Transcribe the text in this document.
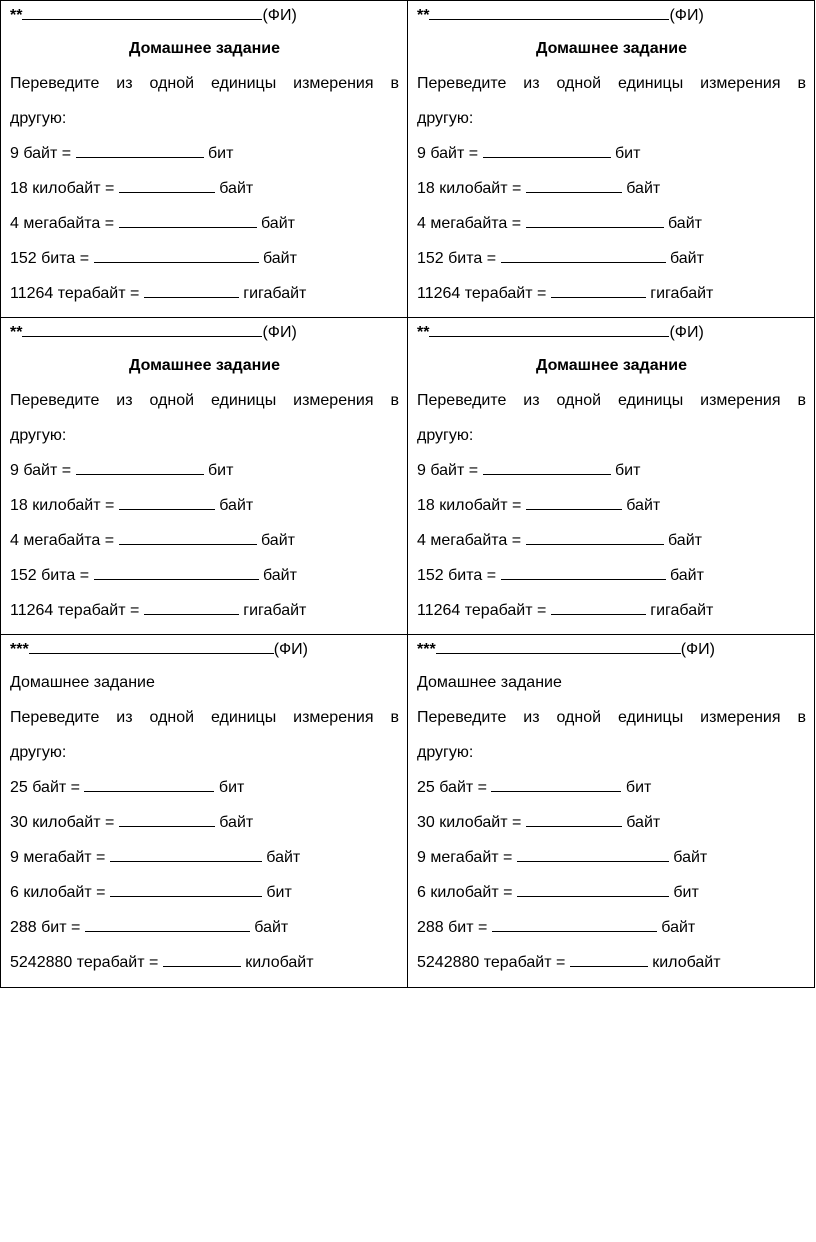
**	(ФИ)
Домашнее задание
Переведите из одной единицы измерения в
другую:
9 байт =	бит
18 килобайт =	байт
4 мегабайта =	байт
152 бита =	байт
11264 терабайт =	гигабайт
**	(ФИ)
Домашнее задание
Переведите из одной единицы измерения в
другую:
9 байт =	бит
18 килобайт =	байт
4 мегабайта =	байт
152 бита =	байт
11264 терабайт =	гигабайт
**	(ФИ)
Домашнее задание
Переведите из одной единицы измерения в
другую:
9 байт =	бит
18 килобайт =	байт
4 мегабайта =	байт
152 бита =	байт
11264 терабайт =	гигабайт
**	(ФИ)
Домашнее задание
Переведите из одной единицы измерения в
другую:
9 байт =	бит
18 килобайт =	байт
4 мегабайта =	байт
152 бита =	байт
11264 терабайт =	гигабайт
***	(ФИ)
Домашнее задание
Переведите из одной единицы измерения в
другую:
25 байт =	бит
30 килобайт =	байт
9 мегабайт =	байт
6 килобайт =	бит
288 бит =	байт
5242880 терабайт =	килобайт
***	(ФИ)
Домашнее задание
Переведите из одной единицы измерения в
другую:
25 байт =	бит
30 килобайт =	байт
9 мегабайт =	байт
6 килобайт =	бит
288 бит =	байт
5242880 терабайт =	килобайт
